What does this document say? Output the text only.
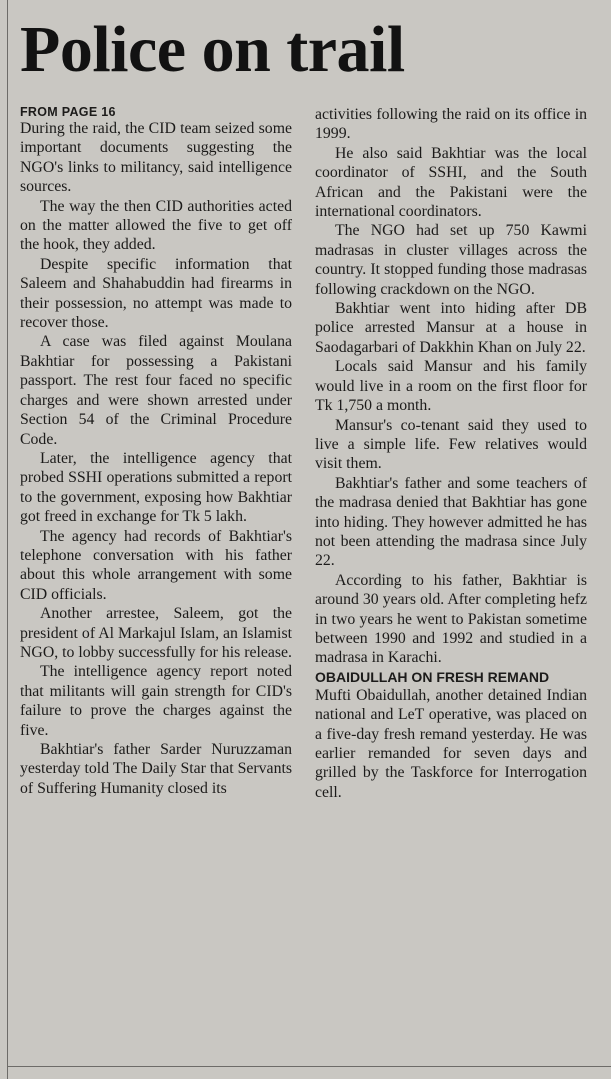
Police on trail
FROM PAGE 16

During the raid, the CID team seized some important documents suggesting the NGO's links to militancy, said intelligence sources.

The way the then CID authorities acted on the matter allowed the five to get off the hook, they added.

Despite specific information that Saleem and Shahabuddin had firearms in their possession, no attempt was made to recover those.

A case was filed against Moulana Bakhtiar for possessing a Pakistani passport. The rest four faced no specific charges and were shown arrested under Section 54 of the Criminal Procedure Code.

Later, the intelligence agency that probed SSHI operations submitted a report to the government, exposing how Bakhtiar got freed in exchange for Tk 5 lakh.

The agency had records of Bakhtiar's telephone conversation with his father about this whole arrangement with some CID officials.

Another arrestee, Saleem, got the president of Al Markajul Islam, an Islamist NGO, to lobby successfully for his release.

The intelligence agency report noted that militants will gain strength for CID's failure to prove the charges against the five.

Bakhtiar's father Sarder Nuruzzaman yesterday told The Daily Star that Servants of Suffering Humanity closed its

activities following the raid on its office in 1999.

He also said Bakhtiar was the local coordinator of SSHI, and the South African and the Pakistani were the international coordinators.

The NGO had set up 750 Kawmi madrasas in cluster villages across the country. It stopped funding those madrasas following crackdown on the NGO.

Bakhtiar went into hiding after DB police arrested Mansur at a house in Saodagarbari of Dakkhin Khan on July 22.

Locals said Mansur and his family would live in a room on the first floor for Tk 1,750 a month.

Mansur's co-tenant said they used to live a simple life. Few relatives would visit them.

Bakhtiar's father and some teachers of the madrasa denied that Bakhtiar has gone into hiding. They however admitted he has not been attending the madrasa since July 22.

According to his father, Bakhtiar is around 30 years old. After completing hefz in two years he went to Pakistan sometime between 1990 and 1992 and studied in a madrasa in Karachi.

OBAIDULLAH ON FRESH REMAND

Mufti Obaidullah, another detained Indian national and LeT operative, was placed on a five-day fresh remand yesterday. He was earlier remanded for seven days and grilled by the Taskforce for Interrogation cell.
